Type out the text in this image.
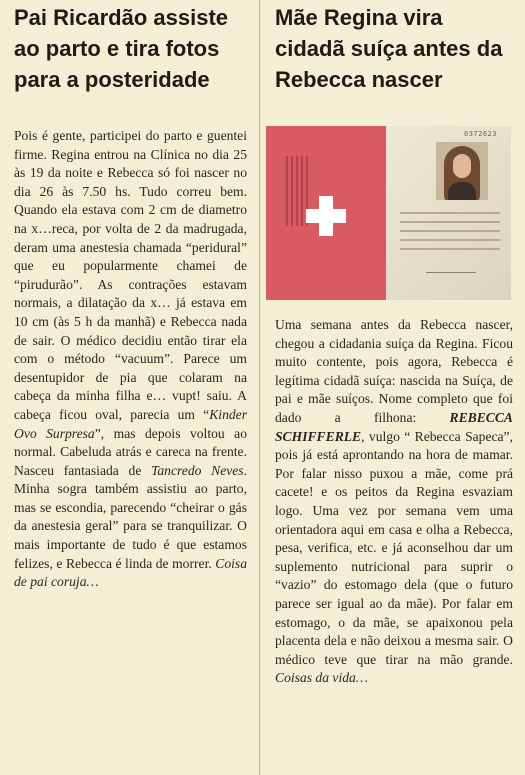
Pai Ricardão assiste
ao parto e tira fotos
para a posteridade

Pois é gente, participei do parto e guentei firme. Regina entrou na Clínica no dia 25 às 19 da noite e Rebecca só foi nascer no dia 26 às 7.50 hs. Tudo correu bem. Quando ela estava com 2 cm de diametro na x…reca, por volta de 2 da madrugada, deram uma anestesia chamada “peridural” que eu popularmente chamei de “pirudurão”. As contrações estavam normais, a dilatação da x… já estava em 10 cm (às 5 h da manhã) e Rebecca nada de sair. O médico decidiu então tirar ela com o método “vacuum”. Parece um desentupidor de pia que colaram na cabeça da minha filha e… vupt! saiu. A cabeça ficou oval, parecia um “Kinder Ovo Surpresa”, mas depois voltou ao normal. Cabeluda atrás e careca na frente. Nasceu fantasiada de Tancredo Neves. Minha sogra também assistiu ao parto, mas se escondia, parecendo “cheirar o gás da anestesia geral” para se tranquilizar. O mais importante de tudo é que estamos felizes, e Rebecca é linda de morrer. Coisa de pai coruja…

Mãe Regina vira
cidadã suíça antes da
Rebecca nascer

Uma semana antes da Rebecca nascer, chegou a cidadania suíça da Regina. Ficou muito contente, pois agora, Rebecca é legítima cidadã suíça: nascida na Suíça, de pai e mãe suíços. Nome completo que foi dado a filhona: REBECCA SCHIFFERLE, vulgo “ Rebecca Sapeca”, pois já está aprontando na hora de mamar. Por falar nisso puxou a mãe, come prá cacete! e os peitos da Regina esvaziam logo. Uma vez por semana vem uma orientadora aqui em casa e olha a Rebecca, pesa, verifica, etc. e já aconselhou dar um suplemento nutricional para suprir o “vazio” do estomago dela (que o futuro parece ser igual ao da mãe). Por falar em estomago, o da mãe, se apaixonou pela placenta dela e não deixou a mesma sair. O médico teve que tirar na mão grande. Coisas da vida…

0372623
